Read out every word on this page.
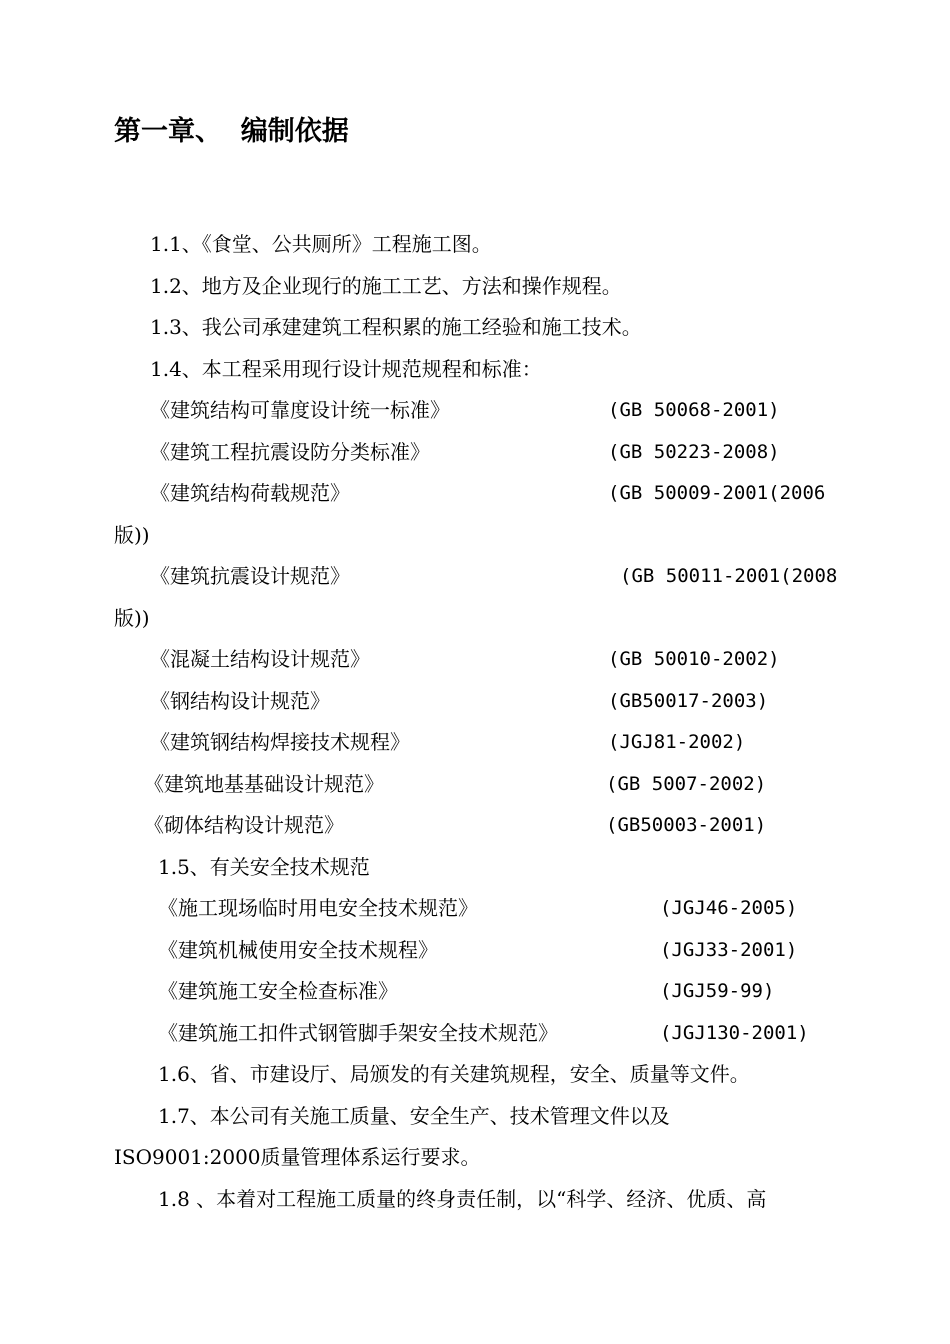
第一章、  编制依据
1.1、《食堂、公共厕所》工程施工图。
1.2、地方及企业现行的施工工艺、方法和操作规程。
1.3、我公司承建建筑工程积累的施工经验和施工技术。
1.4、本工程采用现行设计规范规程和标准：
《建筑结构可靠度设计统一标准》	(GB 50068-2001)
《建筑工程抗震设防分类标准》	(GB 50223-2008)
《建筑结构荷载规范》	(GB 50009-2001(2006
版))
《建筑抗震设计规范》	(GB 50011-2001(2008
版))
《混凝土结构设计规范》	(GB 50010-2002)
《钢结构设计规范》	(GB50017-2003)
《建筑钢结构焊接技术规程》	(JGJ81-2002)
《建筑地基基础设计规范》	(GB 5007-2002)
《砌体结构设计规范》	(GB50003-2001)
1.5、有关安全技术规范
《施工现场临时用电安全技术规范》	(JGJ46-2005)
《建筑机械使用安全技术规程》	(JGJ33-2001)
《建筑施工安全检查标准》	(JGJ59-99)
《建筑施工扣件式钢管脚手架安全技术规范》	(JGJ130-2001)
1.6、省、市建设厅、局颁发的有关建筑规程，安全、质量等文件。
1.7、本公司有关施工质量、安全生产、技术管理文件以及
ISO9001:2000质量管理体系运行要求。
1.8 、本着对工程施工质量的终身责任制，以“科学、经济、优质、高
